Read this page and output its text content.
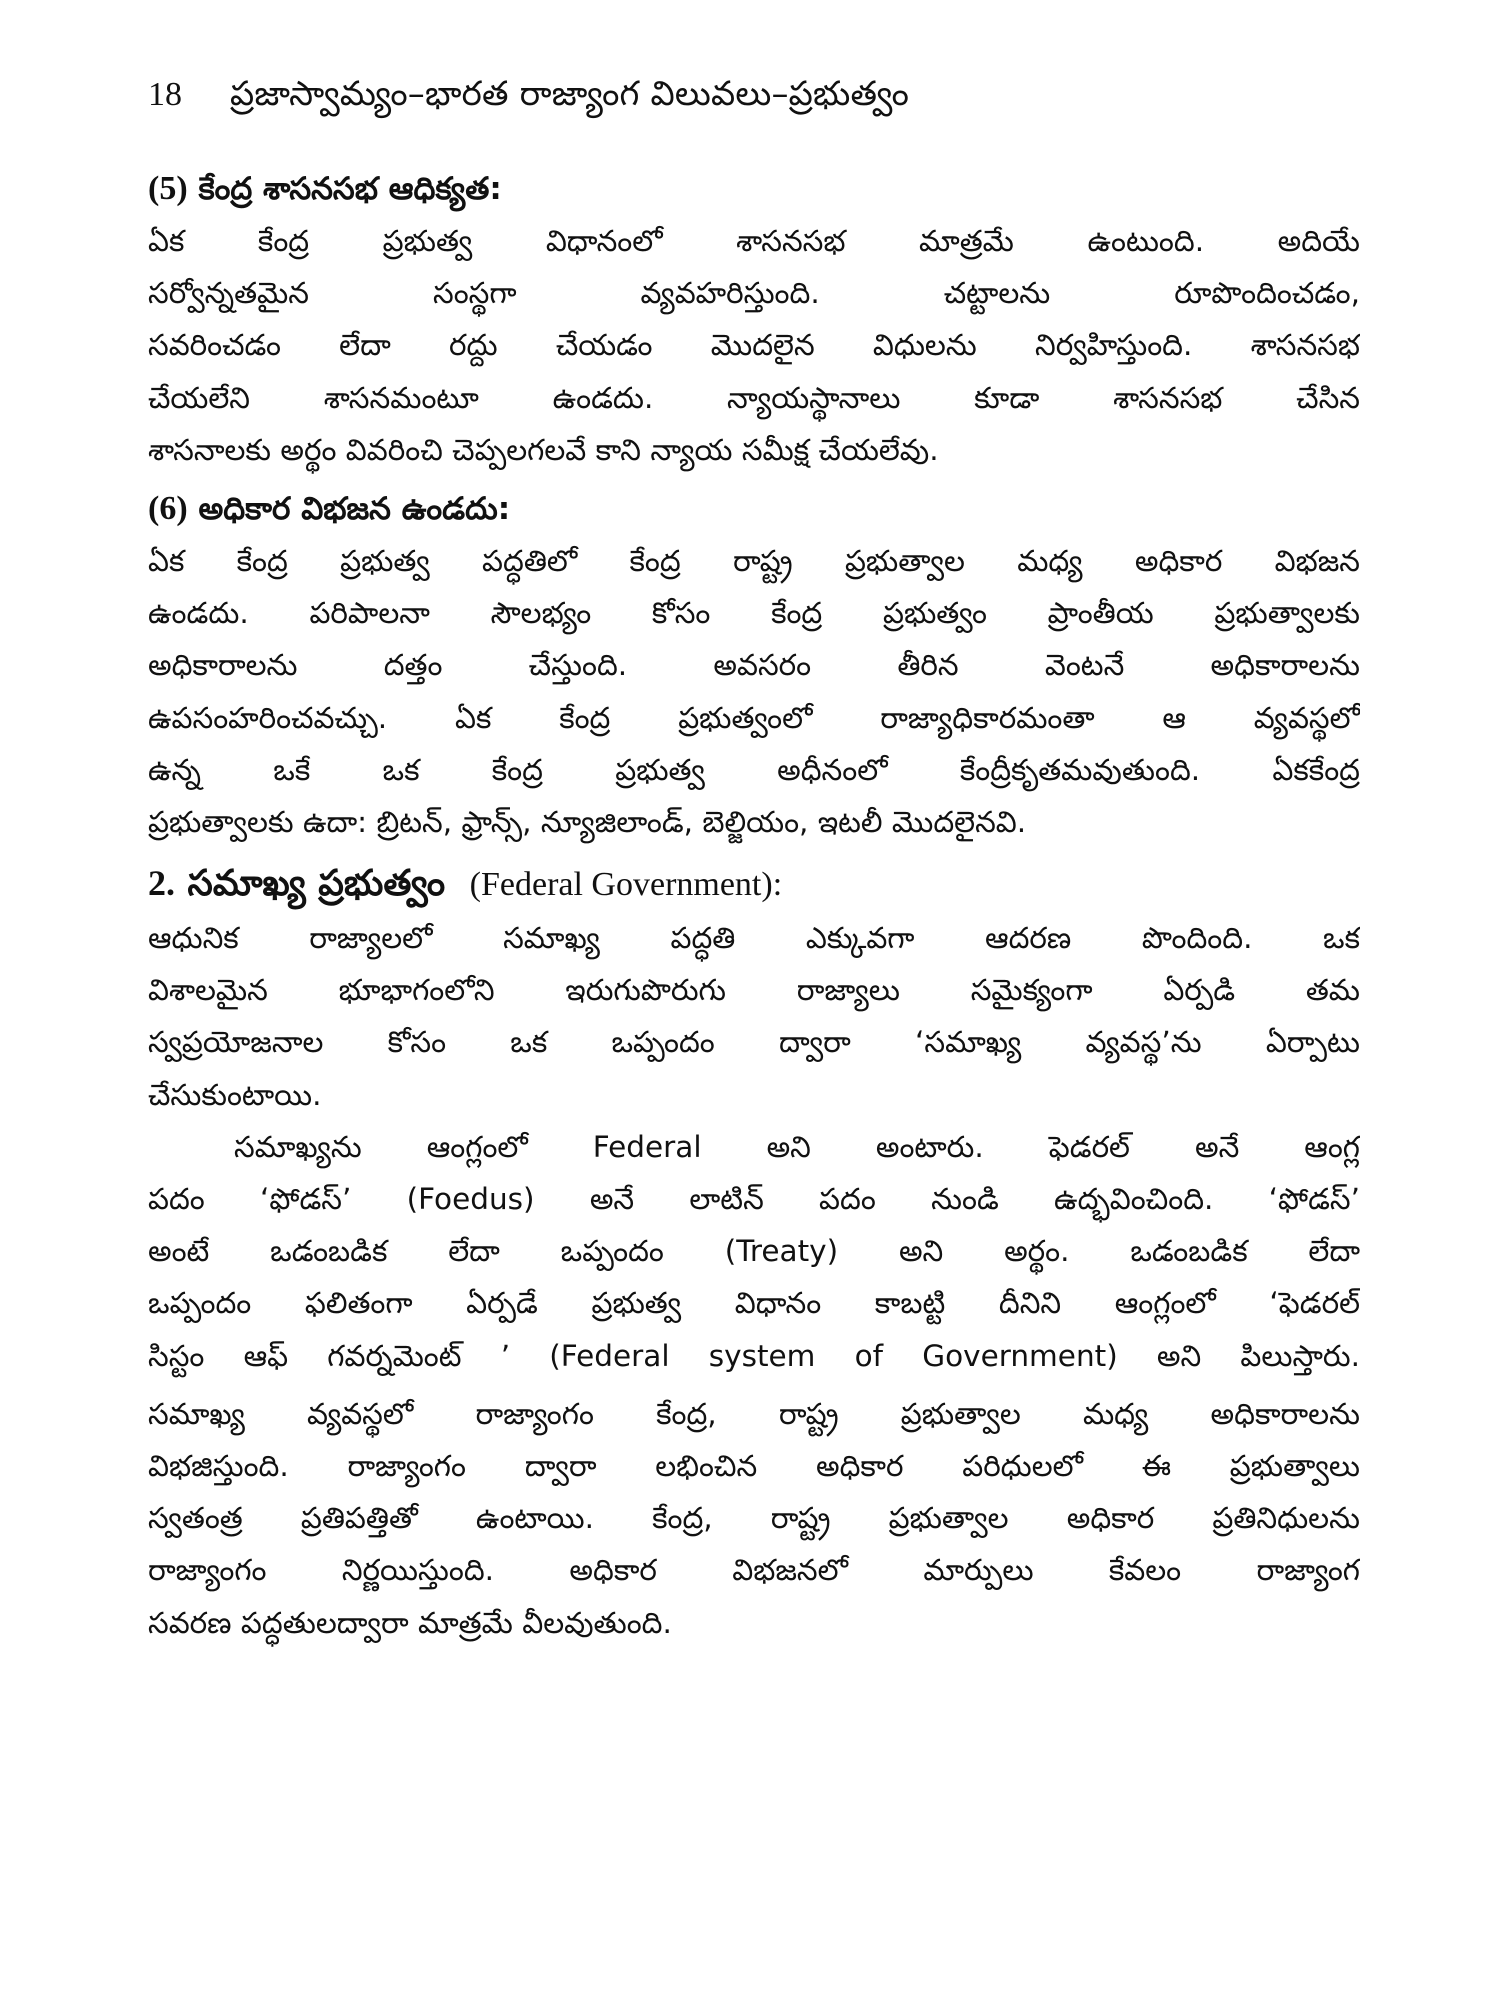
18	ప్రజాస్వామ్యం–భారత రాజ్యాంగ విలువలు–ప్రభుత్వం
(5) కేంద్ర శాసనసభ ఆధిక్యత:
ఏక కేంద్ర ప్రభుత్వ విధానంలో శాసనసభ మాత్రమే ఉంటుంది. అదియే
సర్వోన్నతమైన సంస్థగా వ్యవహరిస్తుంది. చట్టాలను రూపొందించడం,
సవరించడం లేదా రద్దు చేయడం మొదలైన విధులను నిర్వహిస్తుంది. శాసనసభ
చేయలేని శాసనమంటూ ఉండదు. న్యాయస్థానాలు కూడా శాసనసభ చేసిన
శాసనాలకు అర్థం వివరించి చెప్పలగలవే కాని న్యాయ సమీక్ష చేయలేవు.
(6) అధికార విభజన ఉండదు:
ఏక కేంద్ర ప్రభుత్వ పద్ధతిలో కేంద్ర రాష్ట్ర ప్రభుత్వాల మధ్య అధికార విభజన
ఉండదు. పరిపాలనా సౌలభ్యం కోసం కేంద్ర ప్రభుత్వం ప్రాంతీయ ప్రభుత్వాలకు
అధికారాలను దత్తం చేస్తుంది. అవసరం తీరిన వెంటనే అధికారాలను
ఉపసంహరించవచ్చు. ఏక కేంద్ర ప్రభుత్వంలో రాజ్యాధికారమంతా ఆ వ్యవస్థలో
ఉన్న ఒకే ఒక కేంద్ర ప్రభుత్వ అధీనంలో కేంద్రీకృతమవుతుంది. ఏకకేంద్ర
ప్రభుత్వాలకు ఉదా: బ్రిటన్, ఫ్రాన్స్, న్యూజిలాండ్, బెల్జియం, ఇటలీ మొదలైనవి.
2. సమాఖ్య ప్రభుత్వం (Federal Government):
ఆధునిక రాజ్యాలలో సమాఖ్య పద్ధతి ఎక్కువగా ఆదరణ పొందింది. ఒక
విశాలమైన భూభాగంలోని ఇరుగుపొరుగు రాజ్యాలు సమైక్యంగా ఏర్పడి తమ
స్వప్రయోజనాల కోసం ఒక ఒప్పందం ద్వారా ‘సమాఖ్య వ్యవస్థ’ను ఏర్పాటు
చేసుకుంటాయి.
సమాఖ్యను ఆంగ్లంలో Federal అని అంటారు. ఫెడరల్ అనే ఆంగ్ల
పదం ‘ఫోడస్’ (Foedus) అనే లాటిన్ పదం నుండి ఉద్భవించింది. ‘ఫోడస్’
అంటే ఒడంబడిక లేదా ఒప్పందం (Treaty) అని అర్థం. ఒడంబడిక లేదా
ఒప్పందం ఫలితంగా ఏర్పడే ప్రభుత్వ విధానం కాబట్టి దీనిని ఆంగ్లంలో ‘ఫెడరల్
సిస్టం ఆఫ్ గవర్నమెంట్ ’ (Federal system of Government) అని పిలుస్తారు.
సమాఖ్య వ్యవస్థలో రాజ్యాంగం కేంద్ర, రాష్ట్ర ప్రభుత్వాల మధ్య అధికారాలను
విభజిస్తుంది. రాజ్యాంగం ద్వారా లభించిన అధికార పరిధులలో ఈ ప్రభుత్వాలు
స్వతంత్ర ప్రతిపత్తితో ఉంటాయి. కేంద్ర, రాష్ట్ర ప్రభుత్వాల అధికార ప్రతినిధులను
రాజ్యాంగం నిర్ణయిస్తుంది. అధికార విభజనలో మార్పులు కేవలం రాజ్యాంగ
సవరణ పద్ధతులద్వారా మాత్రమే వీలవుతుంది.
